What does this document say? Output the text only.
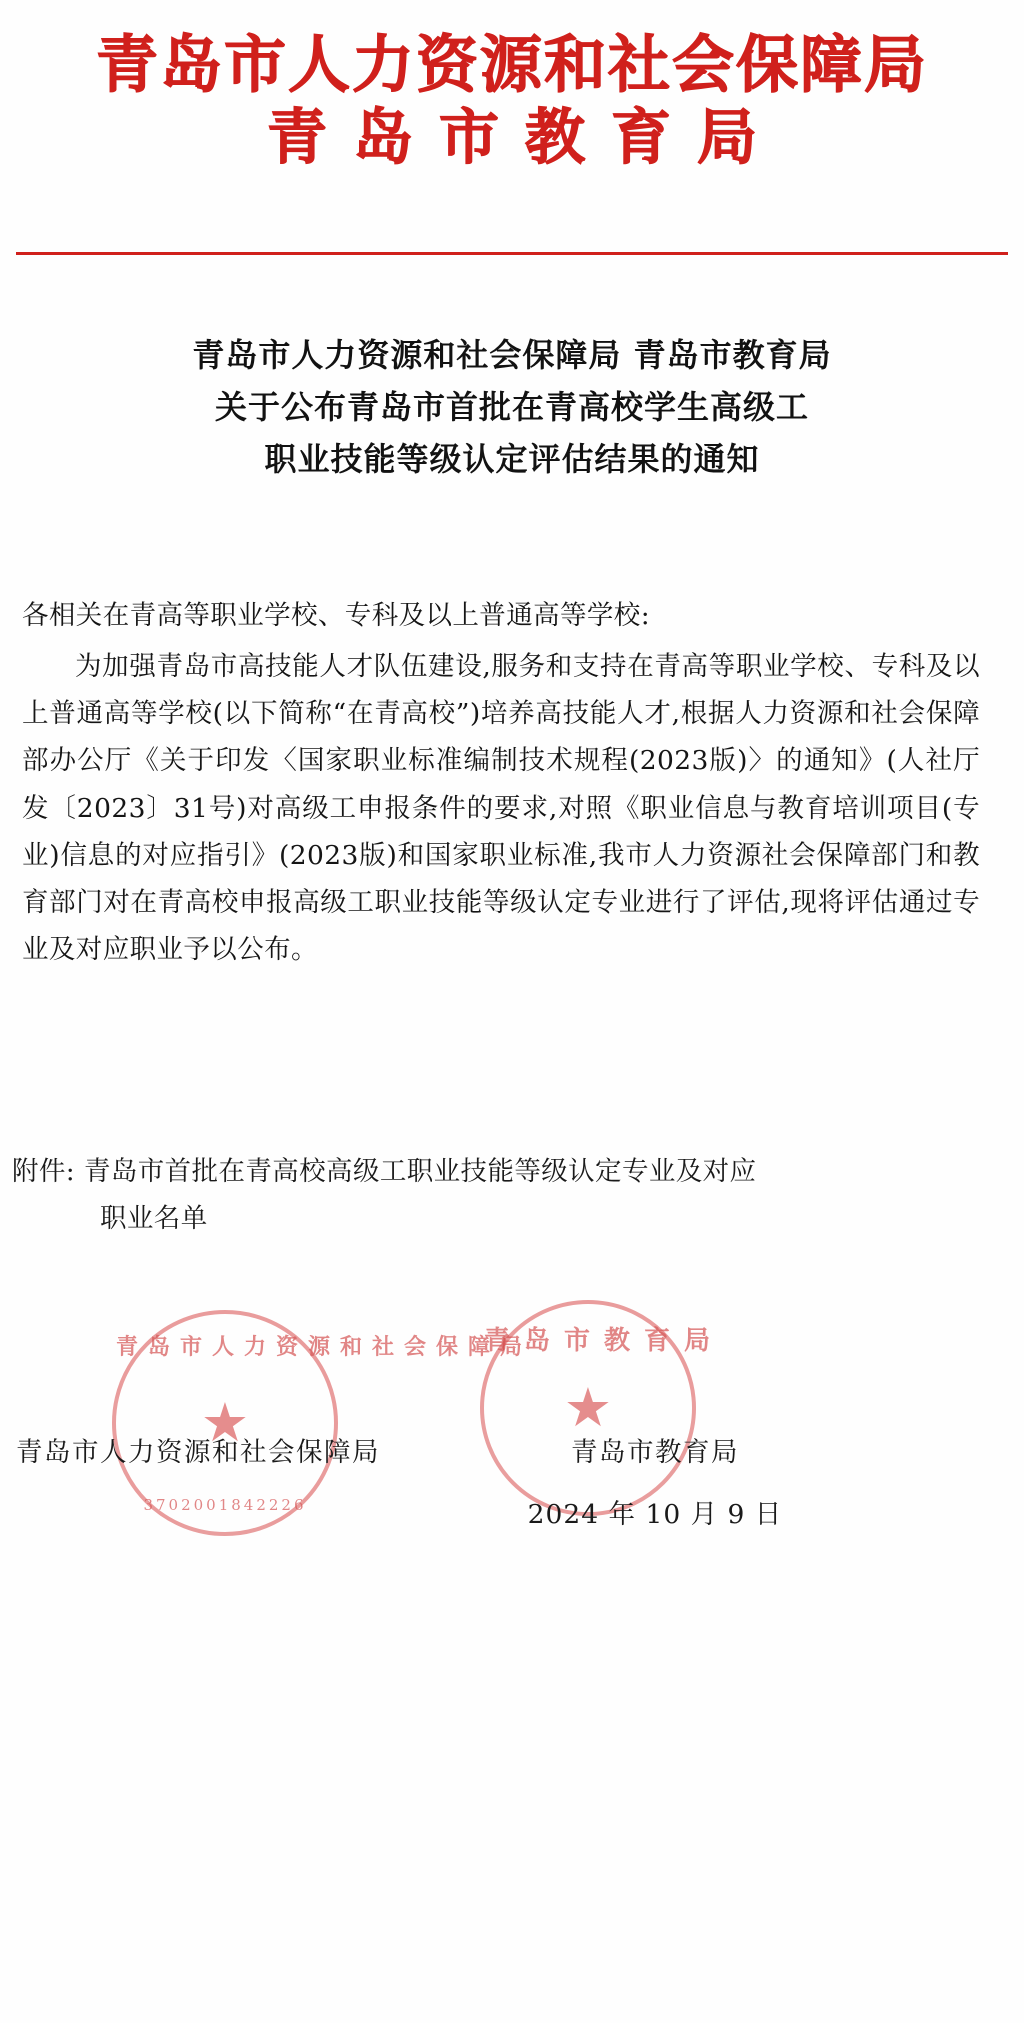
青岛市人力资源和社会保障局
青岛市教育局
青岛市人力资源和社会保障局 青岛市教育局
关于公布青岛市首批在青高校学生高级工
职业技能等级认定评估结果的通知
各相关在青高等职业学校、专科及以上普通高等学校:
为加强青岛市高技能人才队伍建设,服务和支持在青高等职业学校、专科及以上普通高等学校(以下简称“在青高校”)培养高技能人才,根据人力资源和社会保障部办公厅《关于印发〈国家职业标准编制技术规程(2023版)〉的通知》(人社厅发〔2023〕31号)对高级工申报条件的要求,对照《职业信息与教育培训项目(专业)信息的对应指引》(2023版)和国家职业标准,我市人力资源社会保障部门和教育部门对在青高校申报高级工职业技能等级认定专业进行了评估,现将评估通过专业及对应职业予以公布。
附件: 青岛市首批在青高校高级工职业技能等级认定专业及对应
职业名单
青岛市人力资源和社会保障局
★
3702001842226
青岛市教育局
★
青岛市人力资源和社会保障局	青岛市教育局
2024 年 10 月 9 日
